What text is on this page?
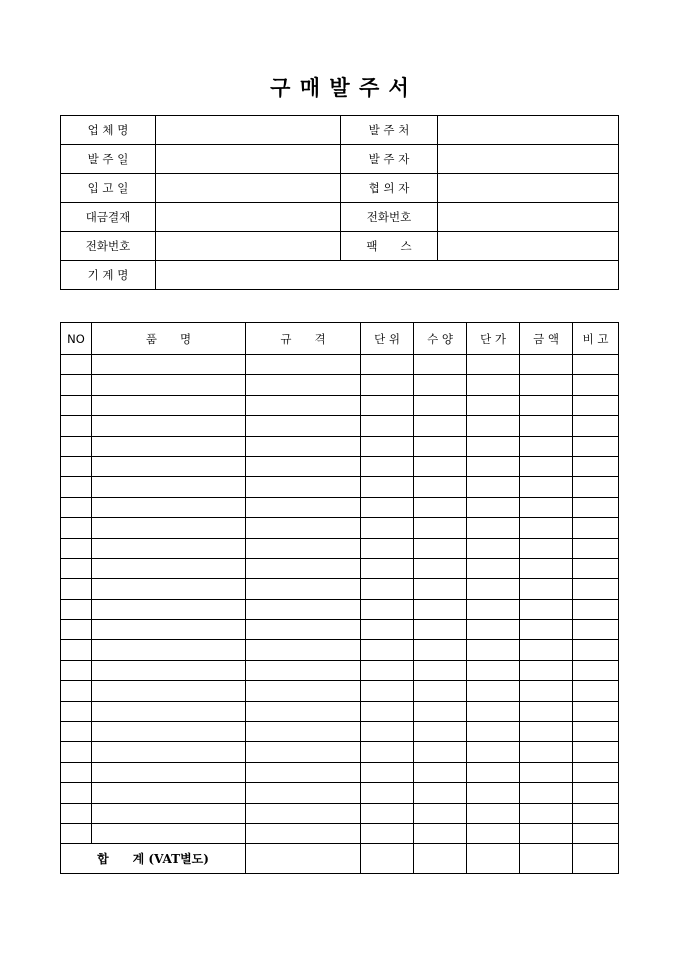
구 매 발 주 서
업 체 명		발 주 처	
발 주 일		발 주 자	
입 고 일		협 의 자	
대금결재		전화번호	
전화번호		팩　　스	
기 계 명			
NO	품　　명	규　　격	단 위	수 양	단 가	금 액	비 고

합　　계 (VAT별도)							
